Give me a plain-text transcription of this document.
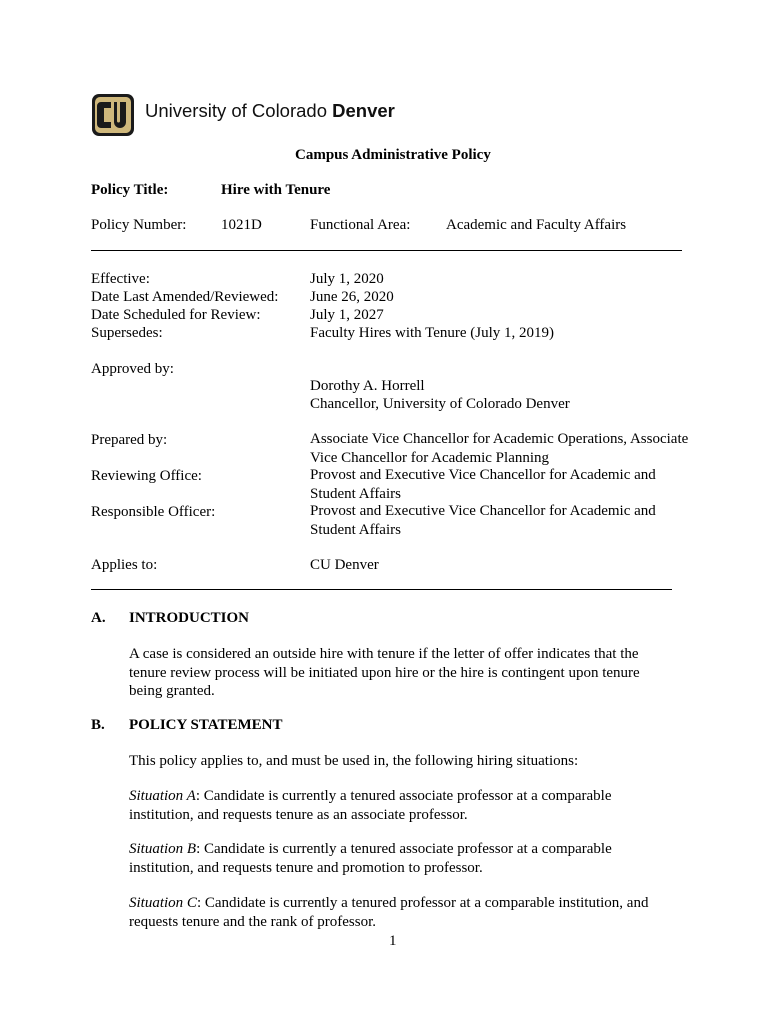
University of Colorado Denver
Campus Administrative Policy
Policy Title:	Hire with Tenure
Policy Number: 1021D	Functional Area: Academic and Faculty Affairs
Effective:	July 1, 2020
Date Last Amended/Reviewed: June 26, 2020
Date Scheduled for Review:	July 1, 2027
Supersedes:	Faculty Hires with Tenure (July 1, 2019)
Approved by:
Dorothy A. Horrell
Chancellor, University of Colorado Denver
Prepared by:	Associate Vice Chancellor for Academic Operations, Associate Vice Chancellor for Academic Planning
Reviewing Office:	Provost and Executive Vice Chancellor for Academic and Student Affairs
Responsible Officer:	Provost and Executive Vice Chancellor for Academic and Student Affairs
Applies to:	CU Denver
A. INTRODUCTION
A case is considered an outside hire with tenure if the letter of offer indicates that the tenure review process will be initiated upon hire or the hire is contingent upon tenure being granted.
B. POLICY STATEMENT
This policy applies to, and must be used in, the following hiring situations:
Situation A: Candidate is currently a tenured associate professor at a comparable institution, and requests tenure as an associate professor.
Situation B: Candidate is currently a tenured associate professor at a comparable institution, and requests tenure and promotion to professor.
Situation C: Candidate is currently a tenured professor at a comparable institution, and requests tenure and the rank of professor.
1
